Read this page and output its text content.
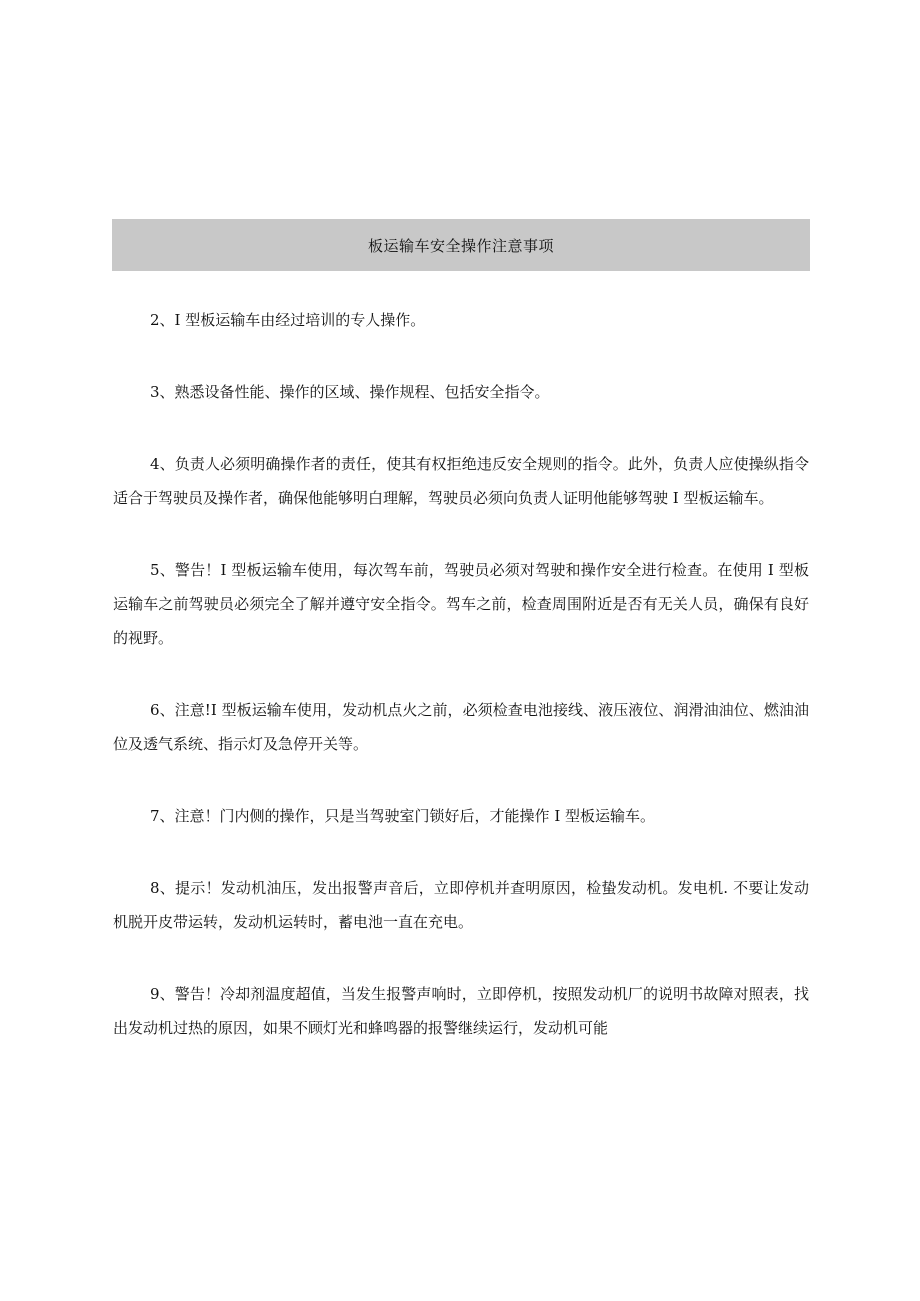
板运输车安全操作注意事项

2、I 型板运输车由经过培训的专人操作。

3、熟悉设备性能、操作的区域、操作规程、包括安全指令。

4、负责人必须明确操作者的责任，使其有权拒绝违反安全规则的指令。此外，负责人应使操纵指令适合于驾驶员及操作者，确保他能够明白理解，驾驶员必须向负责人证明他能够驾驶 I 型板运输车。

5、警告！I 型板运输车使用，每次驾车前，驾驶员必须对驾驶和操作安全进行检查。在使用 I 型板运输车之前驾驶员必须完全了解并遵守安全指令。驾车之前，检查周围附近是否有无关人员，确保有良好的视野。

6、注意!I 型板运输车使用，发动机点火之前，必须检查电池接线、液压液位、润滑油油位、燃油油位及透气系统、指示灯及急停开关等。

7、注意！门内侧的操作，只是当驾驶室门锁好后，才能操作 I 型板运输车。

8、提示！发动机油压，发出报警声音后，立即停机并查明原因，检蛰发动机。发电机. 不要让发动机脱开皮带运转，发动机运转时，蓄电池一直在充电。

9、警告！冷却剂温度超值，当发生报警声响时，立即停机，按照发动机厂的说明书故障对照表，找出发动机过热的原因，如果不顾灯光和蜂鸣器的报警继续运行，发动机可能
